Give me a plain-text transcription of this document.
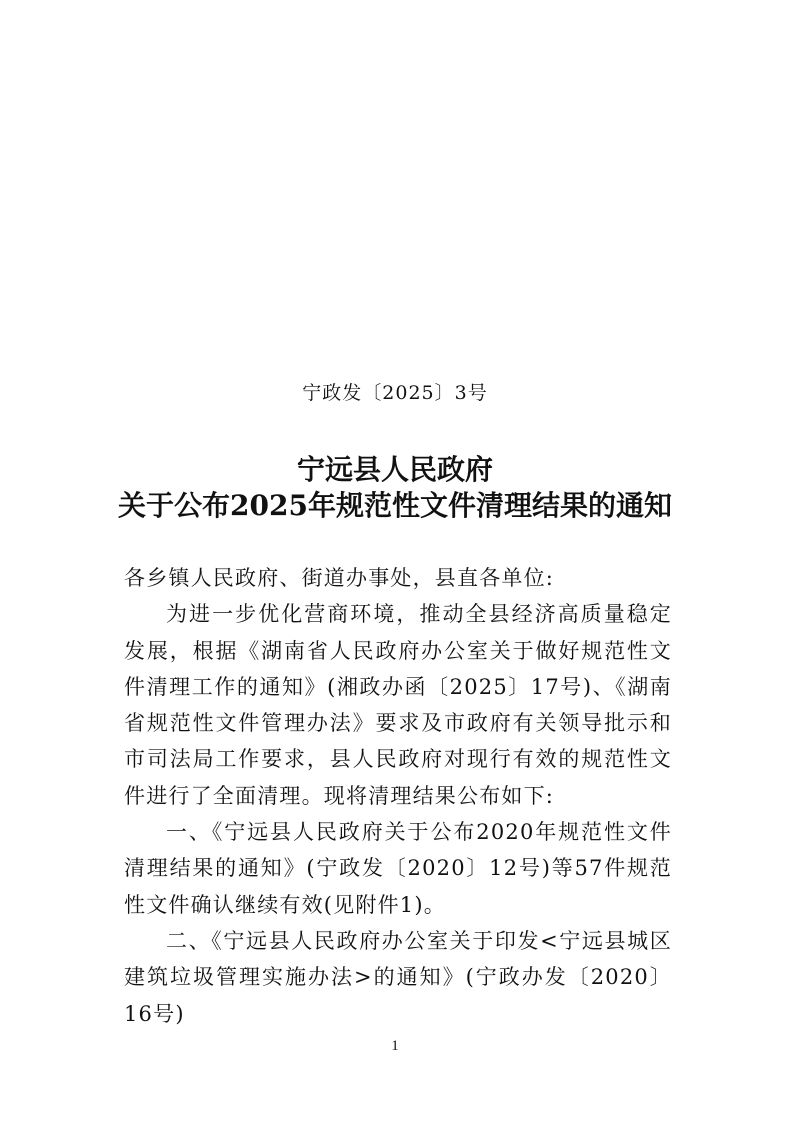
宁政发〔2025〕3号
宁远县人民政府
关于公布2025年规范性文件清理结果的通知

各乡镇人民政府、街道办事处，县直各单位:

为进一步优化营商环境，推动全县经济高质量稳定发展，根据《湖南省人民政府办公室关于做好规范性文件清理工作的通知》(湘政办函〔2025〕17号)、《湖南省规范性文件管理办法》要求及市政府有关领导批示和市司法局工作要求，县人民政府对现行有效的规范性文件进行了全面清理。现将清理结果公布如下:

一、《宁远县人民政府关于公布2020年规范性文件清理结果的通知》(宁政发〔2020〕12号)等57件规范性文件确认继续有效(见附件1)。

二、《宁远县人民政府办公室关于印发<宁远县城区建筑垃圾管理实施办法>的通知》(宁政办发〔2020〕16号)

1
